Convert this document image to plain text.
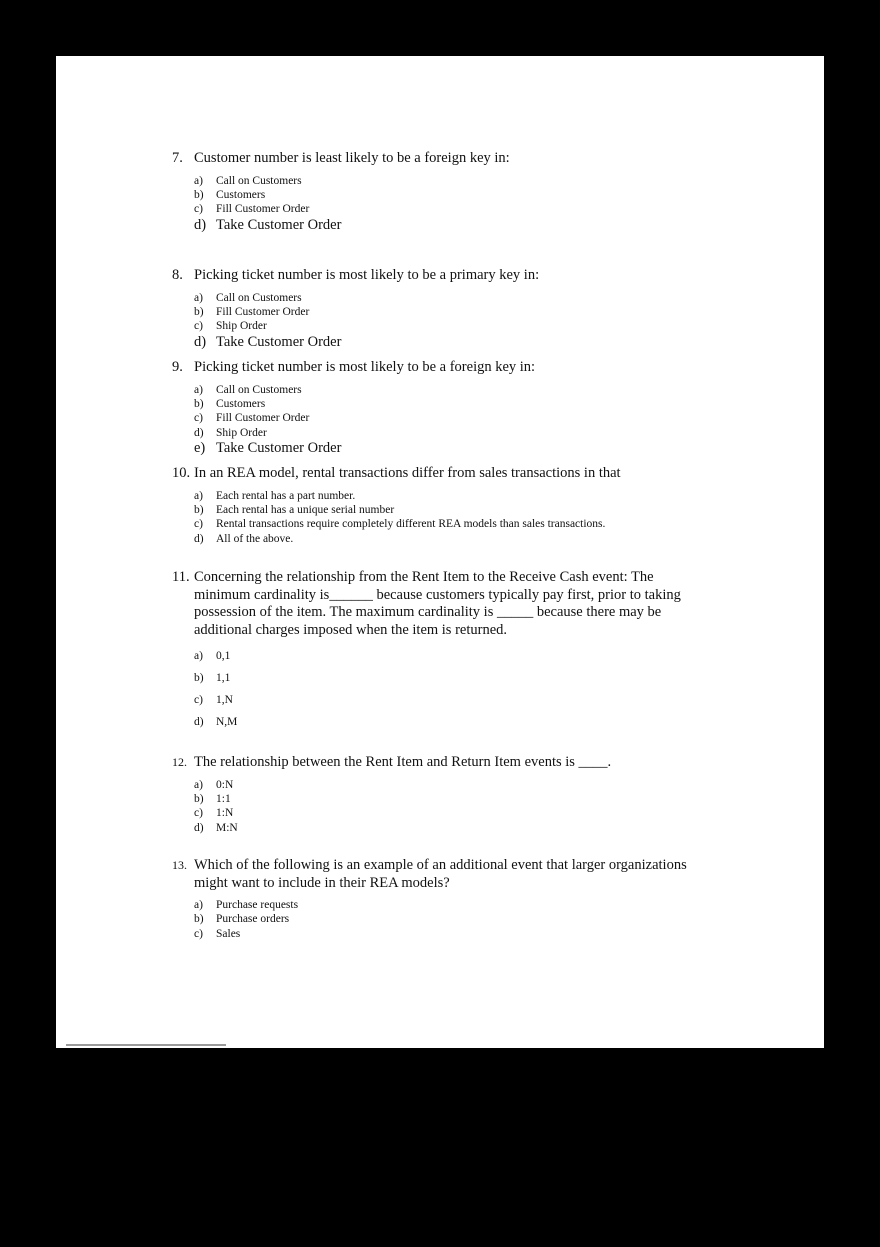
7. Customer number is least likely to be a foreign key in:
a)	Call on Customers
b)	Customers
c)	Fill Customer Order
d) Take Customer Order
8. Picking ticket number is most likely to be a primary key in:
a)	Call on Customers
b)	Fill Customer Order
c)	Ship Order
d) Take Customer Order
9. Picking ticket number is most likely to be a foreign key in:
a)	Call on Customers
b)	Customers
c)	Fill Customer Order
d)	Ship Order
e) Take Customer Order
10. In an REA model, rental transactions differ from sales transactions in that
a)	Each rental has a part number.
b)	Each rental has a unique serial number
c)	Rental transactions require completely different REA models than sales transactions.
d)	All of the above.
11. Concerning the relationship from the Rent Item to the Receive Cash event: The minimum cardinality is______ because customers typically pay first, prior to taking possession of the item. The maximum cardinality is _____ because there may be additional charges imposed when the item is returned.
a)	0,1
b)	1,1
c)	1,N
d)	N,M
12. The relationship between the Rent Item and Return Item events is ____.
a)	0:N
b)	1:1
c)	1:N
d)	M:N
13. Which of the following is an example of an additional event that larger organizations might want to include in their REA models?
a)	Purchase requests
b)	Purchase orders
c)	Sales
